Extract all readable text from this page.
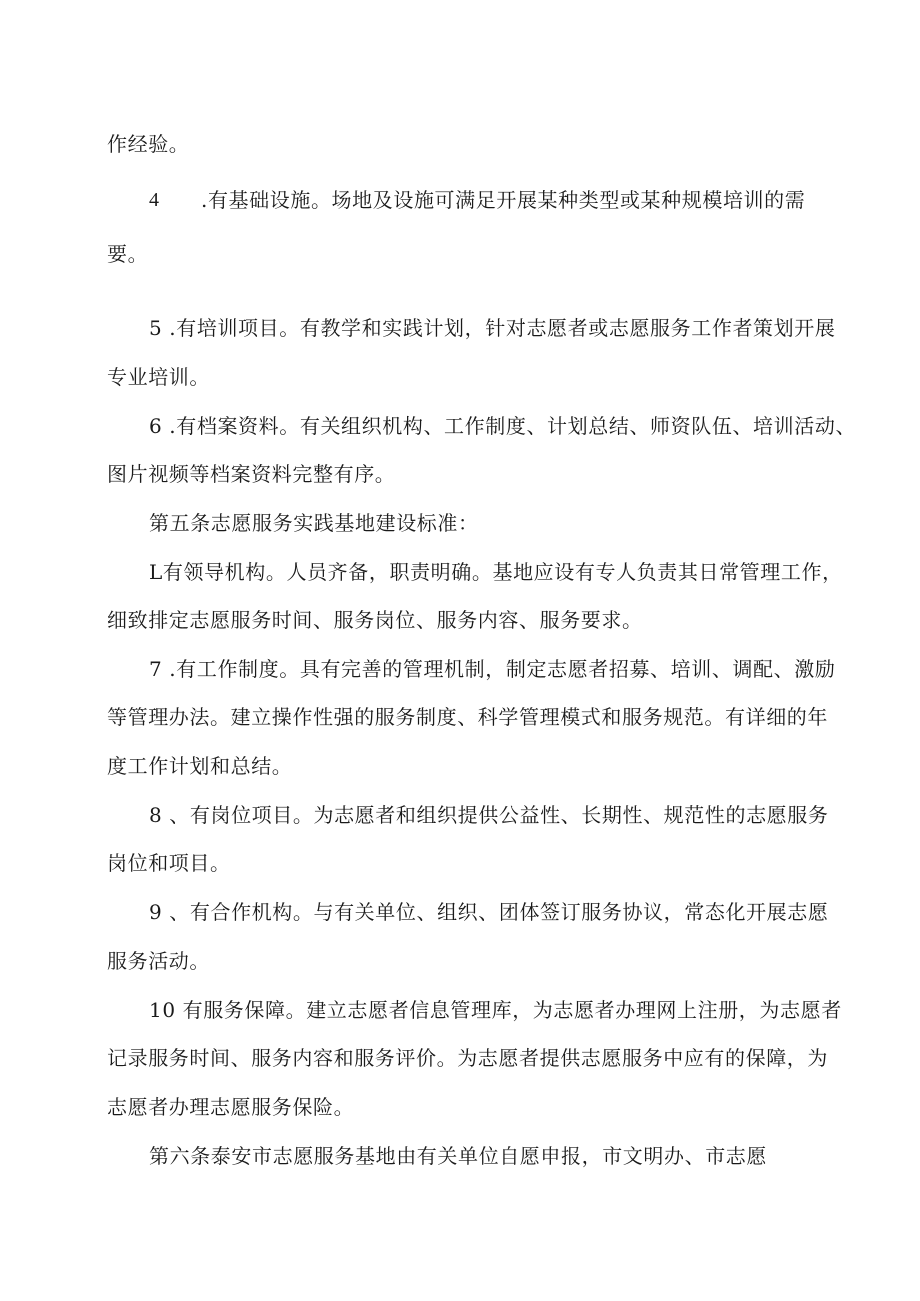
作经验。
4 .有基础设施。场地及设施可满足开展某种类型或某种规模培训的需
要。
5 .有培训项目。有教学和实践计划，针对志愿者或志愿服务工作者策划开展
专业培训。
6 .有档案资料。有关组织机构、工作制度、计划总结、师资队伍、培训活动、
图片视频等档案资料完整有序。
第五条志愿服务实践基地建设标准：
L有领导机构。人员齐备，职责明确。基地应设有专人负责其日常管理工作，
细致排定志愿服务时间、服务岗位、服务内容、服务要求。
7 .有工作制度。具有完善的管理机制，制定志愿者招募、培训、调配、激励
等管理办法。建立操作性强的服务制度、科学管理模式和服务规范。有详细的年
度工作计划和总结。
8 、有岗位项目。为志愿者和组织提供公益性、长期性、规范性的志愿服务
岗位和项目。
9 、有合作机构。与有关单位、组织、团体签订服务协议，常态化开展志愿
服务活动。
10 有服务保障。建立志愿者信息管理库，为志愿者办理网上注册，为志愿者
记录服务时间、服务内容和服务评价。为志愿者提供志愿服务中应有的保障，为
志愿者办理志愿服务保险。
第六条泰安市志愿服务基地由有关单位自愿申报，市文明办、市志愿
